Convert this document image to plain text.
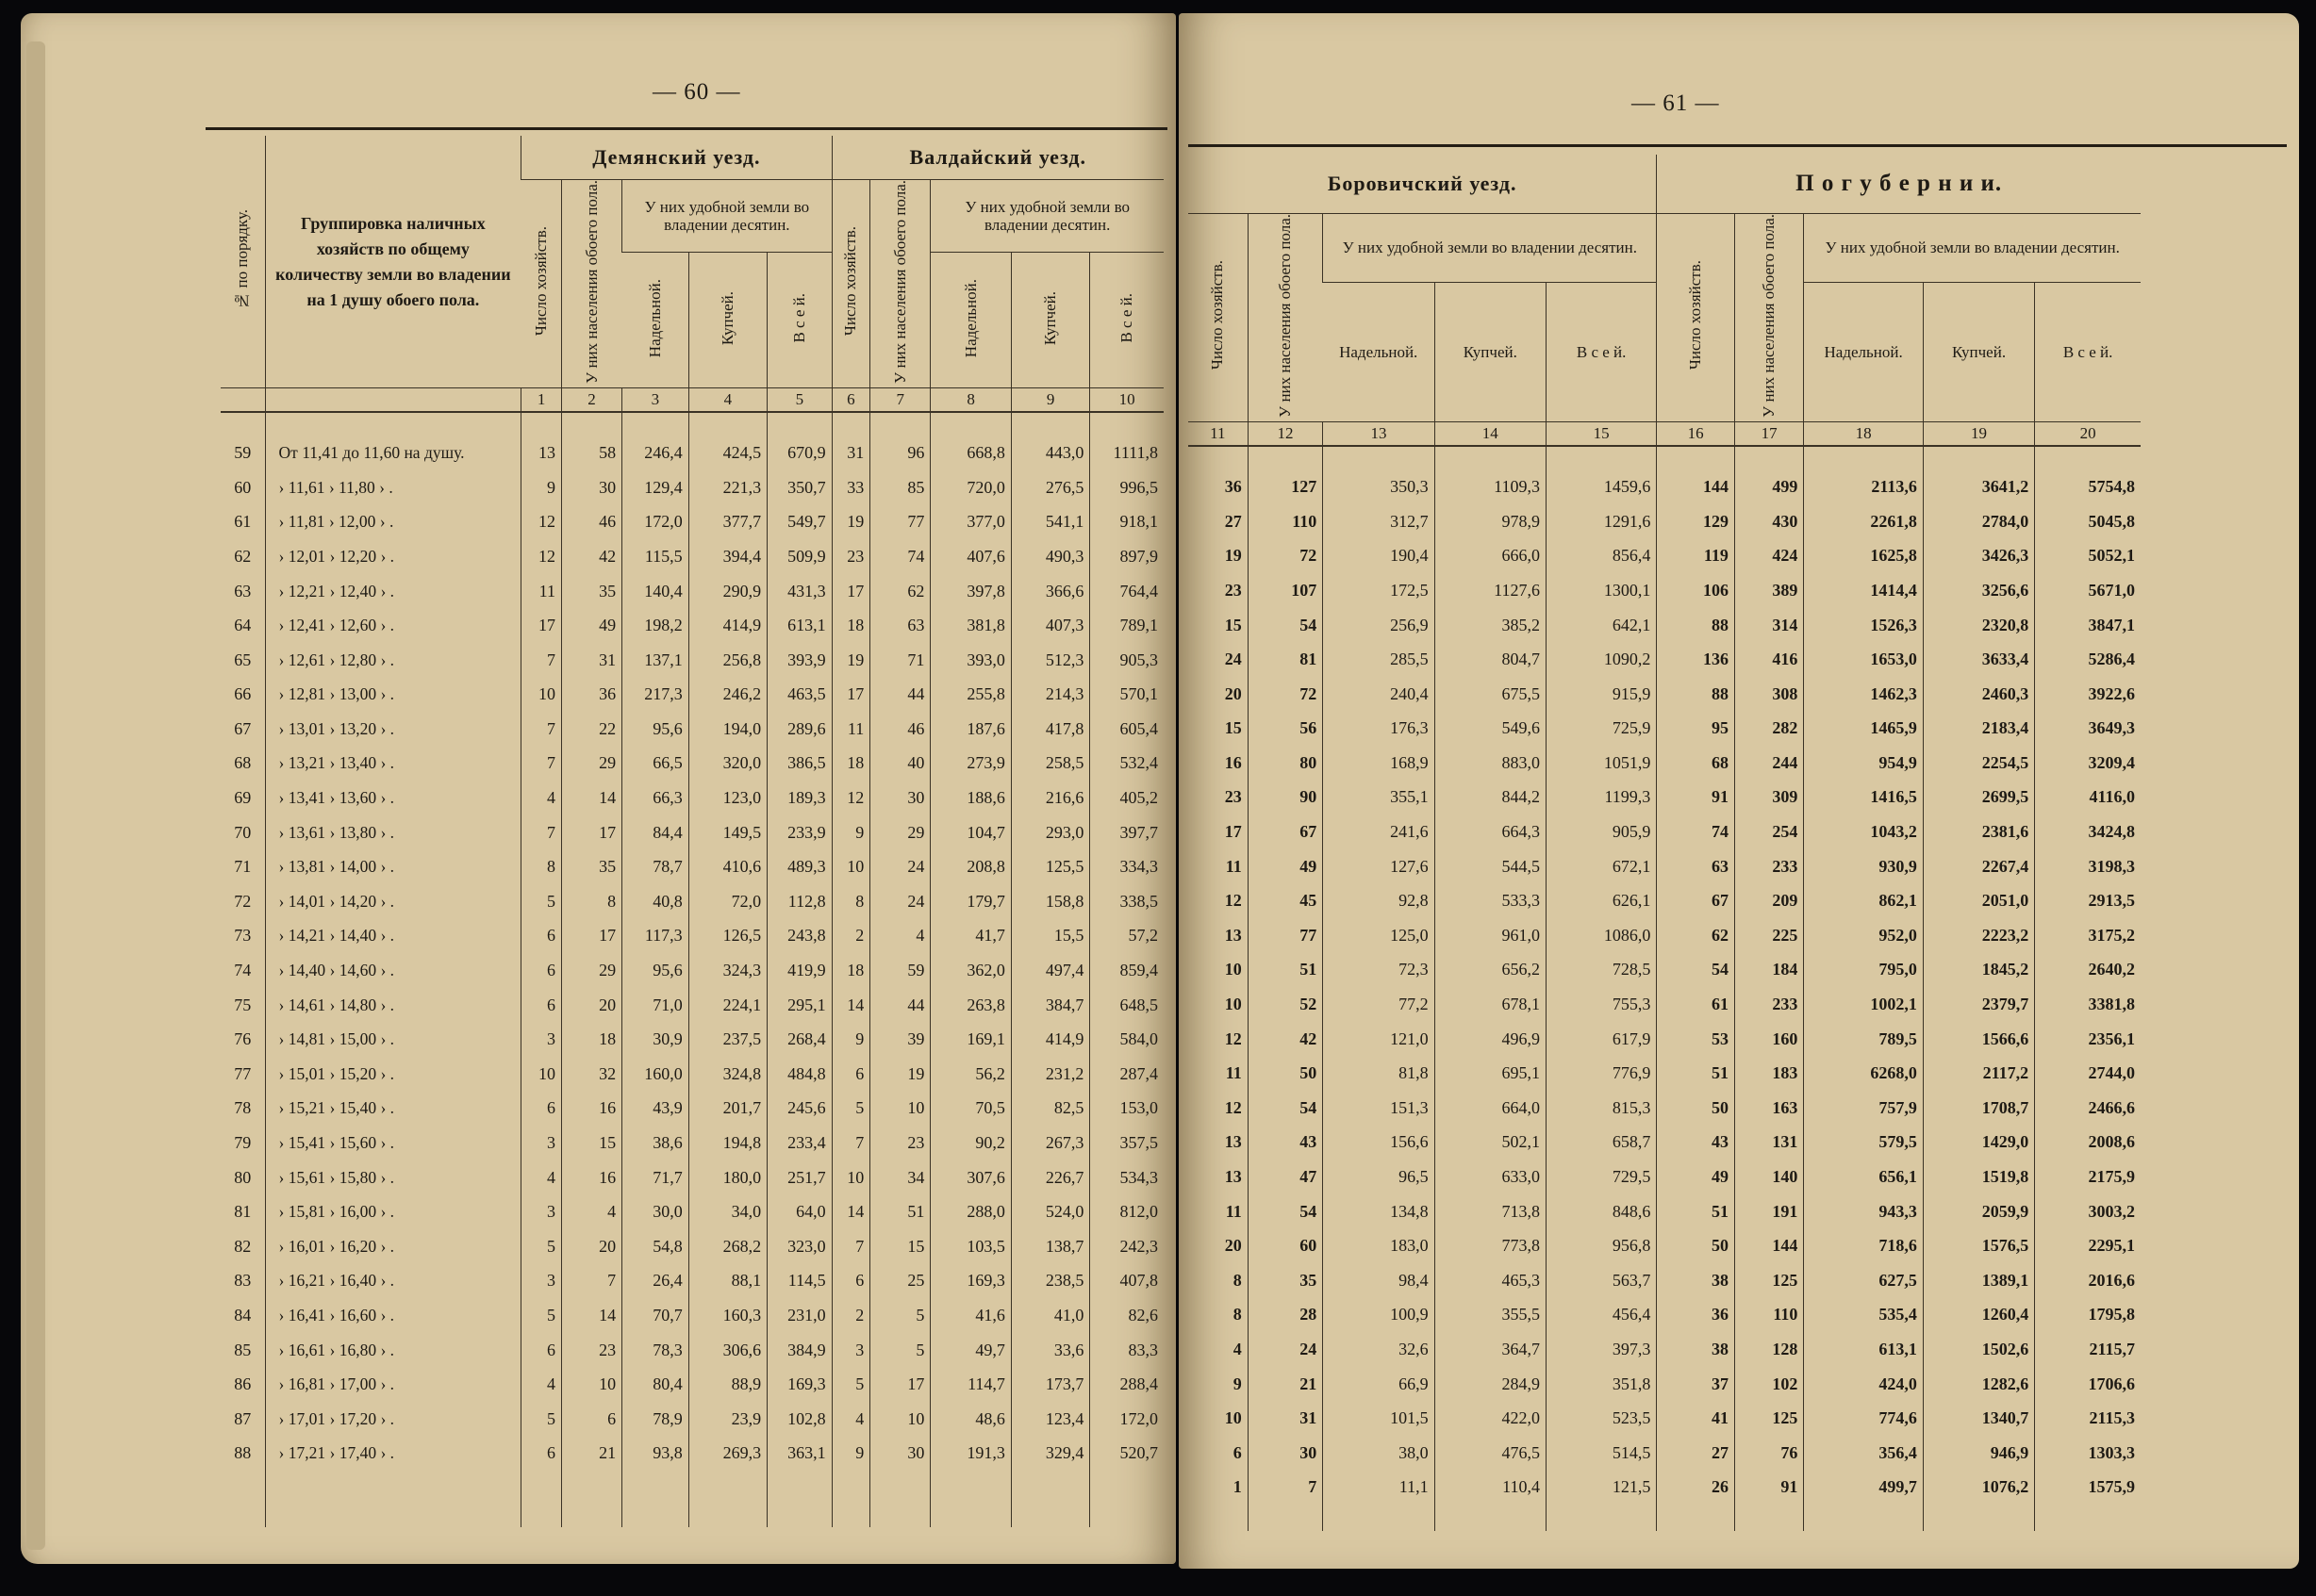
— 60 —
№ по порядку.	Группировка наличных хозяйств по общему количеству земли во владении на 1 душу обоего пола.	Демянский уезд.					Валдайский уезд.				
		Число хозяйств.	У них населения обоего пола.	У них удобной земли во владении десятин.			Число хозяйств.	У них населения обоего пола.	У них удобной земли во владении десятин.		
				Надельной.	Купчей.	В с е й.			Надельной.	Купчей.	В с е й.
		1	2	3	4	5	6	7	8	9	10
59	От 11,41 до 11,60 на душу.	13	58	246,4	424,5	670,9	31	96	668,8	443,0	1111,8
60	› 11,61 › 11,80 › .	9	30	129,4	221,3	350,7	33	85	720,0	276,5	996,5
61	› 11,81 › 12,00 › .	12	46	172,0	377,7	549,7	19	77	377,0	541,1	918,1
62	› 12,01 › 12,20 › .	12	42	115,5	394,4	509,9	23	74	407,6	490,3	897,9
63	› 12,21 › 12,40 › .	11	35	140,4	290,9	431,3	17	62	397,8	366,6	764,4
64	› 12,41 › 12,60 › .	17	49	198,2	414,9	613,1	18	63	381,8	407,3	789,1
65	› 12,61 › 12,80 › .	7	31	137,1	256,8	393,9	19	71	393,0	512,3	905,3
66	› 12,81 › 13,00 › .	10	36	217,3	246,2	463,5	17	44	255,8	214,3	570,1
67	› 13,01 › 13,20 › .	7	22	95,6	194,0	289,6	11	46	187,6	417,8	605,4
68	› 13,21 › 13,40 › .	7	29	66,5	320,0	386,5	18	40	273,9	258,5	532,4
69	› 13,41 › 13,60 › .	4	14	66,3	123,0	189,3	12	30	188,6	216,6	405,2
70	› 13,61 › 13,80 › .	7	17	84,4	149,5	233,9	9	29	104,7	293,0	397,7
71	› 13,81 › 14,00 › .	8	35	78,7	410,6	489,3	10	24	208,8	125,5	334,3
72	› 14,01 › 14,20 › .	5	8	40,8	72,0	112,8	8	24	179,7	158,8	338,5
73	› 14,21 › 14,40 › .	6	17	117,3	126,5	243,8	2	4	41,7	15,5	57,2
74	› 14,40 › 14,60 › .	6	29	95,6	324,3	419,9	18	59	362,0	497,4	859,4
75	› 14,61 › 14,80 › .	6	20	71,0	224,1	295,1	14	44	263,8	384,7	648,5
76	› 14,81 › 15,00 › .	3	18	30,9	237,5	268,4	9	39	169,1	414,9	584,0
77	› 15,01 › 15,20 › .	10	32	160,0	324,8	484,8	6	19	56,2	231,2	287,4
78	› 15,21 › 15,40 › .	6	16	43,9	201,7	245,6	5	10	70,5	82,5	153,0
79	› 15,41 › 15,60 › .	3	15	38,6	194,8	233,4	7	23	90,2	267,3	357,5
80	› 15,61 › 15,80 › .	4	16	71,7	180,0	251,7	10	34	307,6	226,7	534,3
81	› 15,81 › 16,00 › .	3	4	30,0	34,0	64,0	14	51	288,0	524,0	812,0
82	› 16,01 › 16,20 › .	5	20	54,8	268,2	323,0	7	15	103,5	138,7	242,3
83	› 16,21 › 16,40 › .	3	7	26,4	88,1	114,5	6	25	169,3	238,5	407,8
84	› 16,41 › 16,60 › .	5	14	70,7	160,3	231,0	2	5	41,6	41,0	82,6
85	› 16,61 › 16,80 › .	6	23	78,3	306,6	384,9	3	5	49,7	33,6	83,3
86	› 16,81 › 17,00 › .	4	10	80,4	88,9	169,3	5	17	114,7	173,7	288,4
87	› 17,01 › 17,20 › .	5	6	78,9	23,9	102,8	4	10	48,6	123,4	172,0
88	› 17,21 › 17,40 › .	6	21	93,8	269,3	363,1	9	30	191,3	329,4	520,7

— 61 —
Боровичский уезд.					П о г у б е р н и и.				
Число хозяйств.	У них населения обоего пола.	У них удобной земли во владении десятин.			Число хозяйств.	У них населения обоего пола.	У них удобной земли во владении десятин.		
		Надельной.	Купчей.	В с е й.			Надельной.	Купчей.	В с е й.
11	12	13	14	15	16	17	18	19	20
36	127	350,3	1109,3	1459,6	144	499	2113,6	3641,2	5754,8
27	110	312,7	978,9	1291,6	129	430	2261,8	2784,0	5045,8
19	72	190,4	666,0	856,4	119	424	1625,8	3426,3	5052,1
23	107	172,5	1127,6	1300,1	106	389	1414,4	3256,6	5671,0
15	54	256,9	385,2	642,1	88	314	1526,3	2320,8	3847,1
24	81	285,5	804,7	1090,2	136	416	1653,0	3633,4	5286,4
20	72	240,4	675,5	915,9	88	308	1462,3	2460,3	3922,6
15	56	176,3	549,6	725,9	95	282	1465,9	2183,4	3649,3
16	80	168,9	883,0	1051,9	68	244	954,9	2254,5	3209,4
23	90	355,1	844,2	1199,3	91	309	1416,5	2699,5	4116,0
17	67	241,6	664,3	905,9	74	254	1043,2	2381,6	3424,8
11	49	127,6	544,5	672,1	63	233	930,9	2267,4	3198,3
12	45	92,8	533,3	626,1	67	209	862,1	2051,0	2913,5
13	77	125,0	961,0	1086,0	62	225	952,0	2223,2	3175,2
10	51	72,3	656,2	728,5	54	184	795,0	1845,2	2640,2
10	52	77,2	678,1	755,3	61	233	1002,1	2379,7	3381,8
12	42	121,0	496,9	617,9	53	160	789,5	1566,6	2356,1
11	50	81,8	695,1	776,9	51	183	6268,0	2117,2	2744,0
12	54	151,3	664,0	815,3	50	163	757,9	1708,7	2466,6
13	43	156,6	502,1	658,7	43	131	579,5	1429,0	2008,6
13	47	96,5	633,0	729,5	49	140	656,1	1519,8	2175,9
11	54	134,8	713,8	848,6	51	191	943,3	2059,9	3003,2
20	60	183,0	773,8	956,8	50	144	718,6	1576,5	2295,1
8	35	98,4	465,3	563,7	38	125	627,5	1389,1	2016,6
8	28	100,9	355,5	456,4	36	110	535,4	1260,4	1795,8
4	24	32,6	364,7	397,3	38	128	613,1	1502,6	2115,7
9	21	66,9	284,9	351,8	37	102	424,0	1282,6	1706,6
10	31	101,5	422,0	523,5	41	125	774,6	1340,7	2115,3
6	30	38,0	476,5	514,5	27	76	356,4	946,9	1303,3
1	7	11,1	110,4	121,5	26	91	499,7	1076,2	1575,9
